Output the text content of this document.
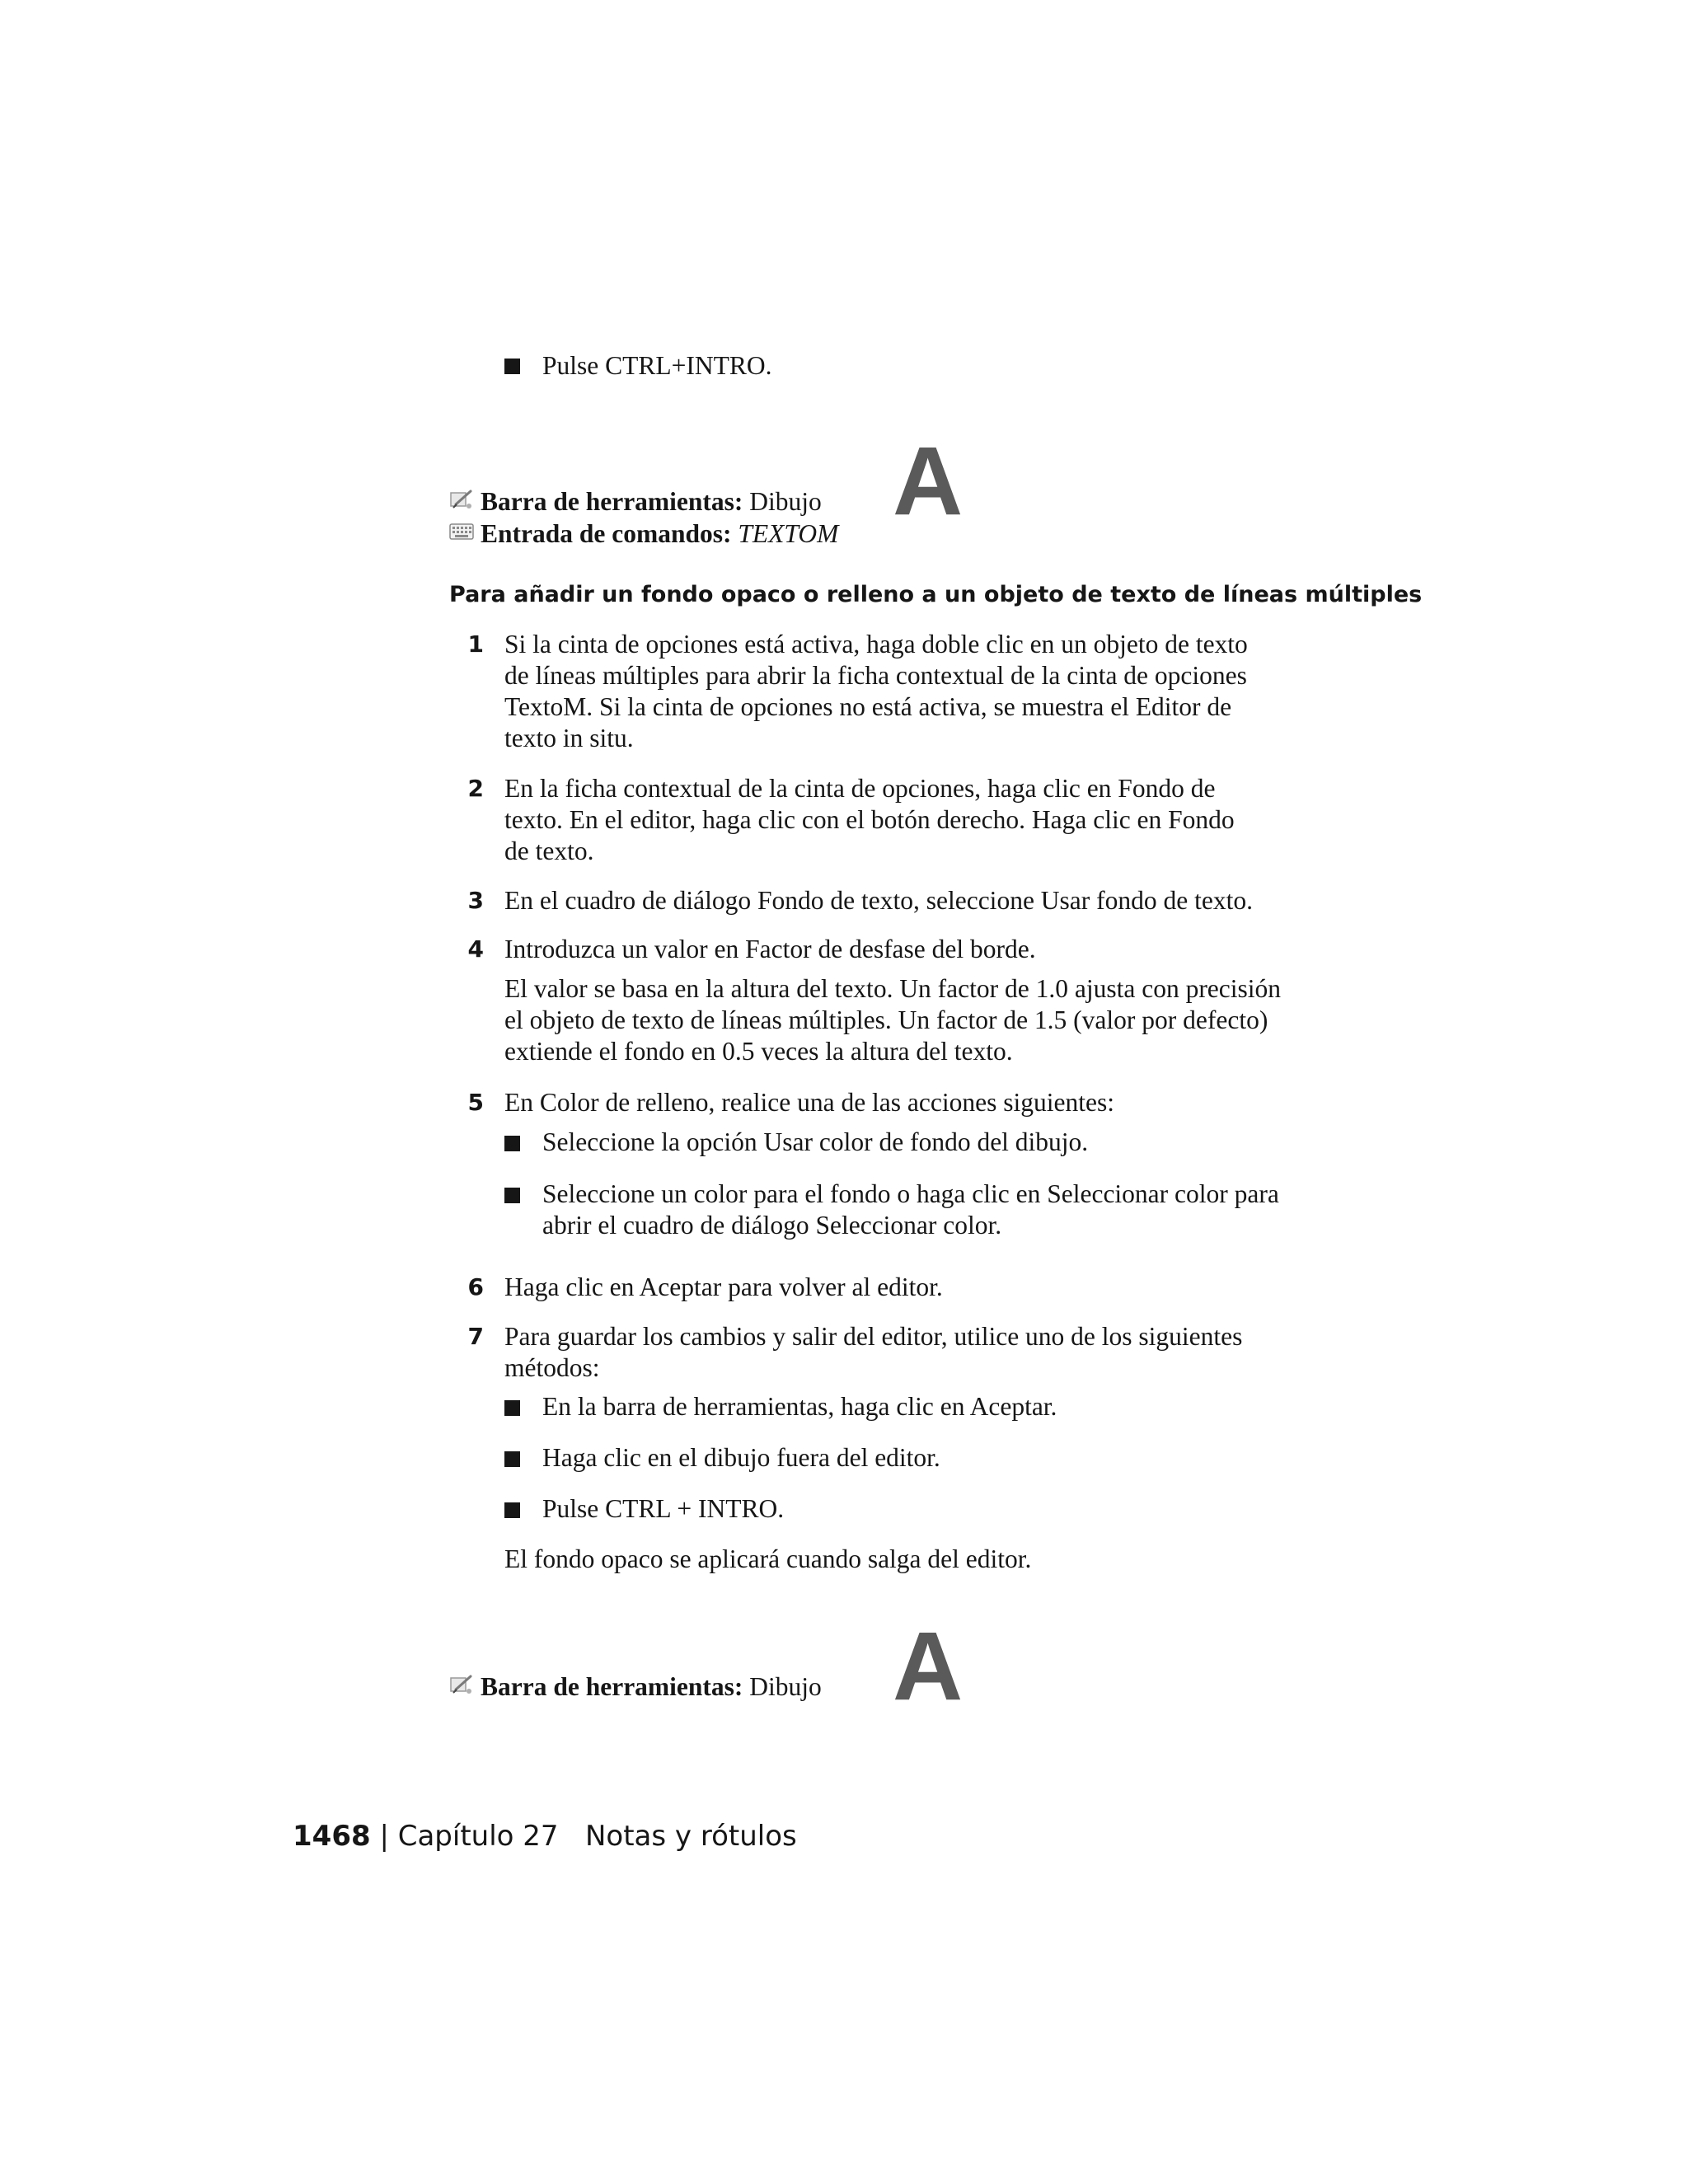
Pulse CTRL+INTRO.
Barra de herramientas: Dibujo A
Entrada de comandos: TEXTOM
Para añadir un fondo opaco o relleno a un objeto de texto de líneas múltiples
1 Si la cinta de opciones está activa, haga doble clic en un objeto de texto
de líneas múltiples para abrir la ficha contextual de la cinta de opciones
TextoM. Si la cinta de opciones no está activa, se muestra el Editor de
texto in situ.
2 En la ficha contextual de la cinta de opciones, haga clic en Fondo de
texto. En el editor, haga clic con el botón derecho. Haga clic en Fondo
de texto.
3 En el cuadro de diálogo Fondo de texto, seleccione Usar fondo de texto.
4 Introduzca un valor en Factor de desfase del borde.
El valor se basa en la altura del texto. Un factor de 1.0 ajusta con precisión
el objeto de texto de líneas múltiples. Un factor de 1.5 (valor por defecto)
extiende el fondo en 0.5 veces la altura del texto.
5 En Color de relleno, realice una de las acciones siguientes:
Seleccione la opción Usar color de fondo del dibujo.
Seleccione un color para el fondo o haga clic en Seleccionar color para
abrir el cuadro de diálogo Seleccionar color.
6 Haga clic en Aceptar para volver al editor.
7 Para guardar los cambios y salir del editor, utilice uno de los siguientes
métodos:
En la barra de herramientas, haga clic en Aceptar.
Haga clic en el dibujo fuera del editor.
Pulse CTRL + INTRO.
El fondo opaco se aplicará cuando salga del editor.
Barra de herramientas: Dibujo A
1468 | Capítulo 27 Notas y rótulos
